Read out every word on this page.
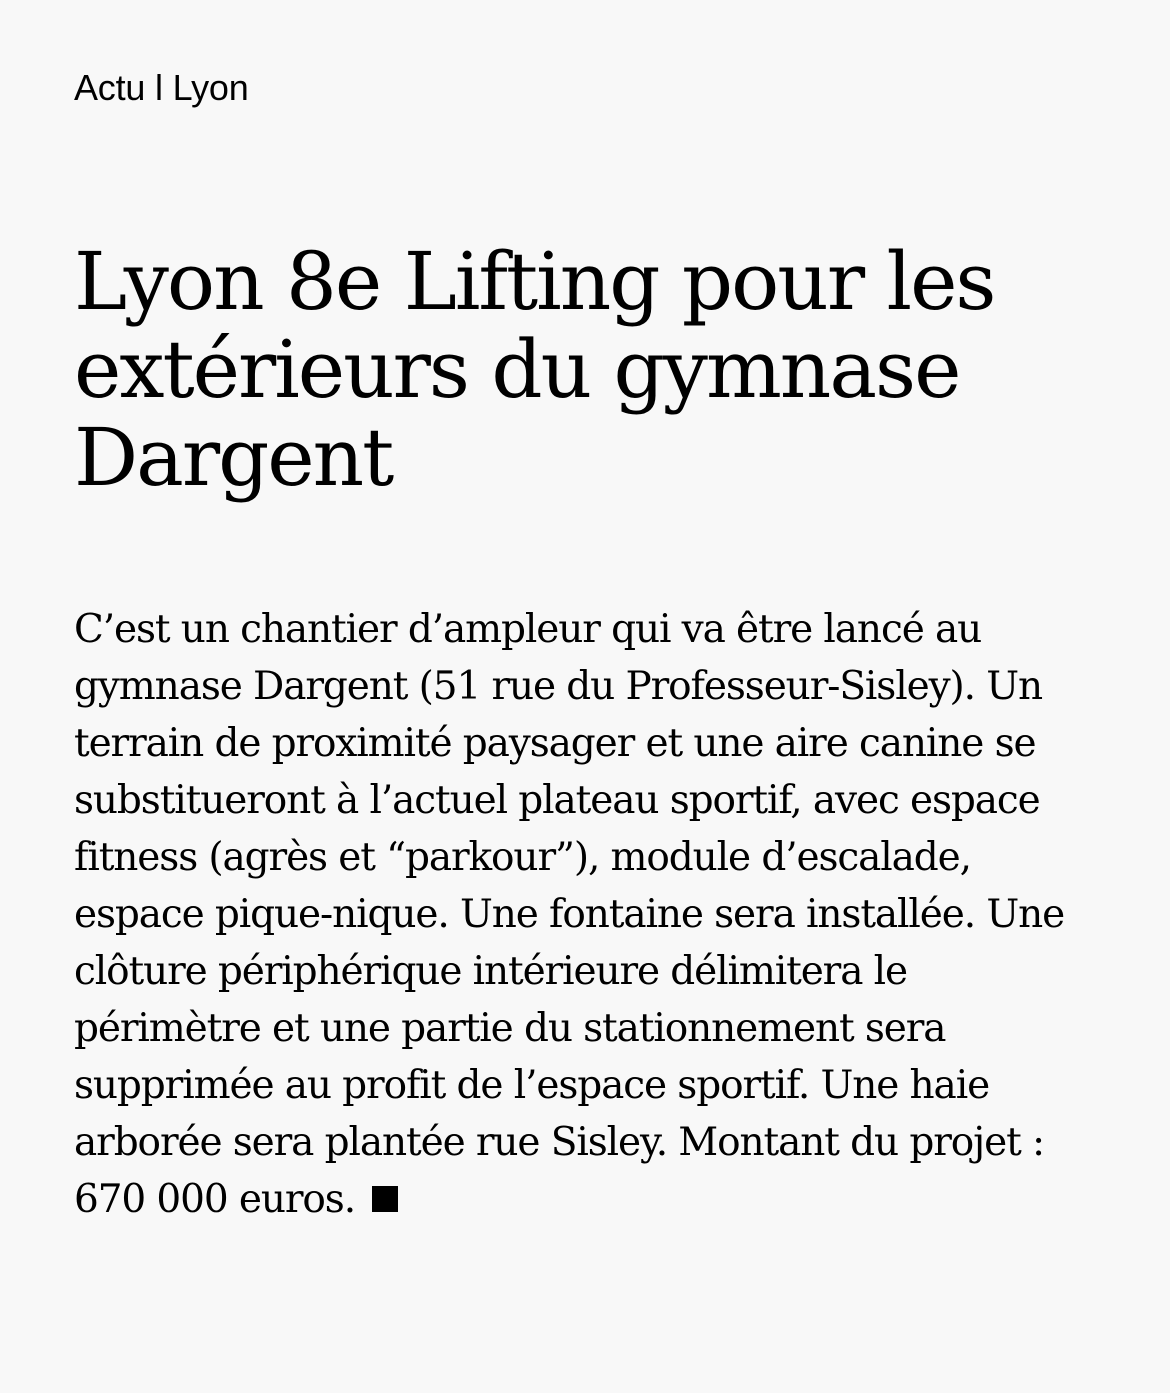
Actu l Lyon
Lyon 8e Lifting pour les extérieurs du gymnase Dargent

C’est un chantier d’ampleur qui va être lancé au gymnase Dargent (51 rue du Professeur-Sisley). Un terrain de proximité paysager et une aire canine se substitueront à l’actuel plateau sportif, avec espace fitness (agrès et “parkour”), module d’escalade, espace pique-nique. Une fontaine sera installée. Une clôture périphérique intérieure délimitera le périmètre et une partie du stationnement sera supprimée au profit de l’espace sportif. Une haie arborée sera plantée rue Sisley. Montant du projet : 670 000 euros.
